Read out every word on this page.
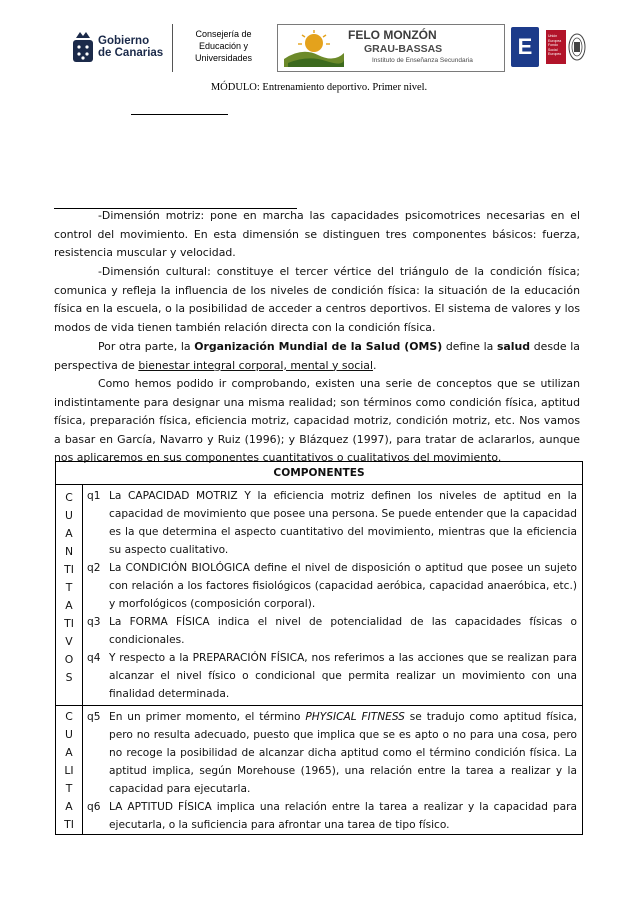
Gobierno
de Canarias
Consejería de
Educación y
Universidades
FELO MONZÓN
GRAU-BASSAS
Instituto de Enseñanza Secundaria
E	Unión Europea Fondo Social Europeo
MÓDULO: Entrenamiento deportivo. Primer nivel.

-Dimensión motriz: pone en marcha las capacidades psicomotrices necesarias en el control del movimiento. En esta dimensión se distinguen tres componentes básicos: fuerza, resistencia muscular y velocidad.

-Dimensión cultural: constituye el tercer vértice del triángulo de la condición física; comunica y refleja la influencia de los niveles de condición física: la situación de la educación física en la escuela, o la posibilidad de acceder a centros deportivos. El sistema de valores y los modos de vida tienen también relación directa con la condición física.

Por otra parte, la Organización Mundial de la Salud (OMS) define la salud desde la perspectiva de bienestar integral corporal, mental y social.

Como hemos podido ir comprobando, existen una serie de conceptos que se utilizan indistintamente para designar una misma realidad; son términos como condición física, aptitud física, preparación física, eficiencia motriz, capacidad motriz, condición motriz, etc. Nos vamos a basar en García, Navarro y Ruiz (1996); y Blázquez (1997), para tratar de aclararlos, aunque nos aplicaremos en sus componentes cuantitativos o cualitativos del movimiento.

COMPONENTES
C
U
A
N
TI
T
A
TI
V
O
S
q1 La CAPACIDAD MOTRIZ Y la eficiencia motriz definen los niveles de aptitud en la capacidad de movimiento que posee una persona. Se puede entender que la capacidad es la que determina el aspecto cuantitativo del movimiento, mientras que la eficiencia su aspecto cualitativo.
q2 La CONDICIÓN BIOLÓGICA define el nivel de disposición o aptitud que posee un sujeto con relación a los factores fisiológicos (capacidad aeróbica, capacidad anaeróbica, etc.) y morfológicos (composición corporal).
q3 La FORMA FÍSICA indica el nivel de potencialidad de las capacidades físicas o condicionales.
q4 Y respecto a la PREPARACIÓN FÍSICA, nos referimos a las acciones que se realizan para alcanzar el nivel físico o condicional que permita realizar un movimiento con una finalidad determinada.
C
U
A
LI
T
A
TI
q5 En un primer momento, el término PHYSICAL FITNESS se tradujo como aptitud física, pero no resulta adecuado, puesto que implica que se es apto o no para una cosa, pero no recoge la posibilidad de alcanzar dicha aptitud como el término condición física. La aptitud implica, según Morehouse (1965), una relación entre la tarea a realizar y la capacidad para ejecutarla.
q6 LA APTITUD FÍSICA implica una relación entre la tarea a realizar y la capacidad para ejecutarla, o la suficiencia para afrontar una tarea de tipo físico.
